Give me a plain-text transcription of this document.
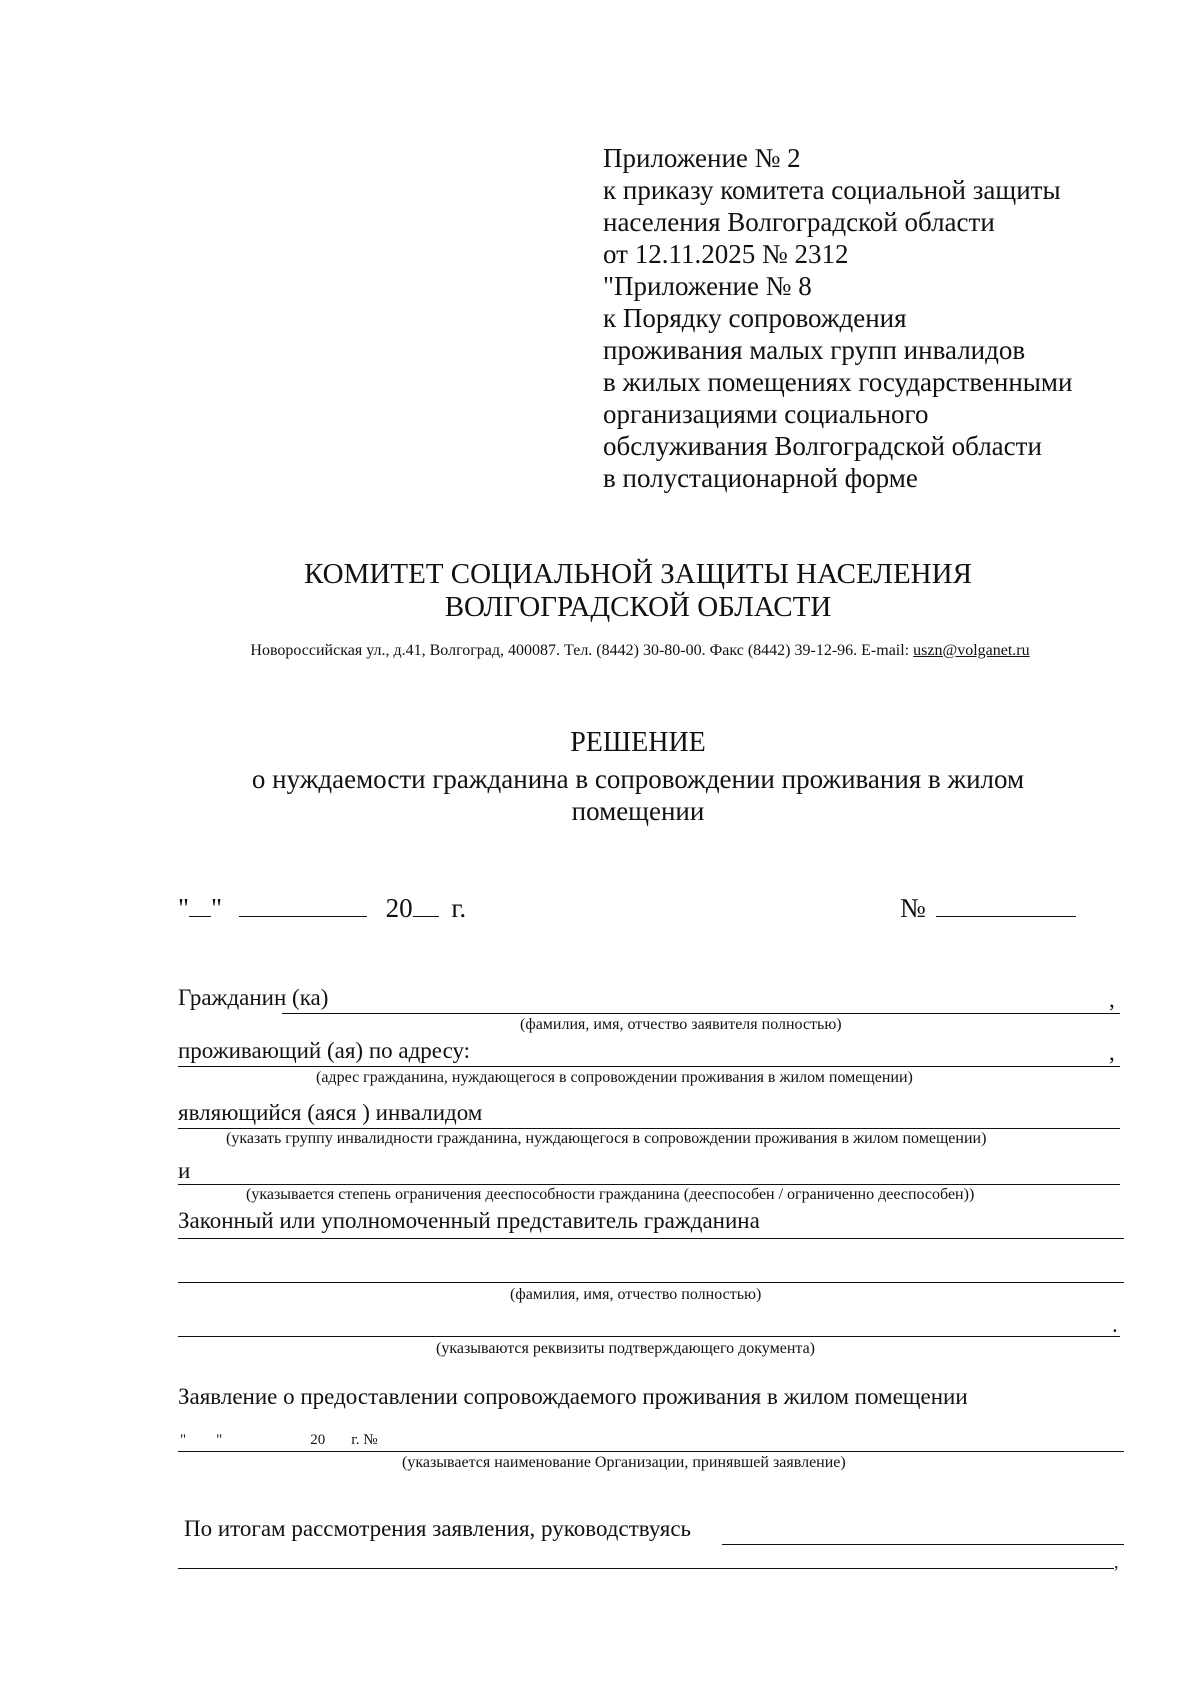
Приложение № 2
к приказу комитета социальной защиты
населения Волгоградской области
от 12.11.2025 № 2312
"Приложение № 8
к Порядку сопровождения
проживания малых групп инвалидов
в жилых помещениях государственными
организациями социального
обслуживания Волгоградской области
в полустационарной форме
КОМИТЕТ СОЦИАЛЬНОЙ ЗАЩИТЫ НАСЕЛЕНИЯ
ВОЛГОГРАДСКОЙ ОБЛАСТИ
Новороссийская ул., д.41, Волгоград, 400087. Тел. (8442) 30-80-00. Факс (8442) 39-12-96. E-mail: uszn@volganet.ru
РЕШЕНИЕ
о нуждаемости гражданина в сопровождении проживания в жилом
помещении
" "	20 г.	№
Гражданин (ка)	,
(фамилия, имя, отчество заявителя полностью)
проживающий (ая) по адресу:	,
(адрес гражданина, нуждающегося в сопровождении проживания в жилом помещении)
являющийся (аяся ) инвалидом
(указать группу инвалидности гражданина, нуждающегося в сопровождении проживания в жилом помещении)
и
(указывается степень ограничения дееспособности гражданина (дееспособен / ограниченно дееспособен))
Законный или уполномоченный представитель гражданина
(фамилия, имя, отчество полностью)
.
(указываются реквизиты подтверждающего документа)
Заявление о предоставлении сопровождаемого проживания в жилом помещении
" "	20 г. №
(указывается наименование Организации, принявшей заявление)
По итогам рассмотрения заявления, руководствуясь
,
